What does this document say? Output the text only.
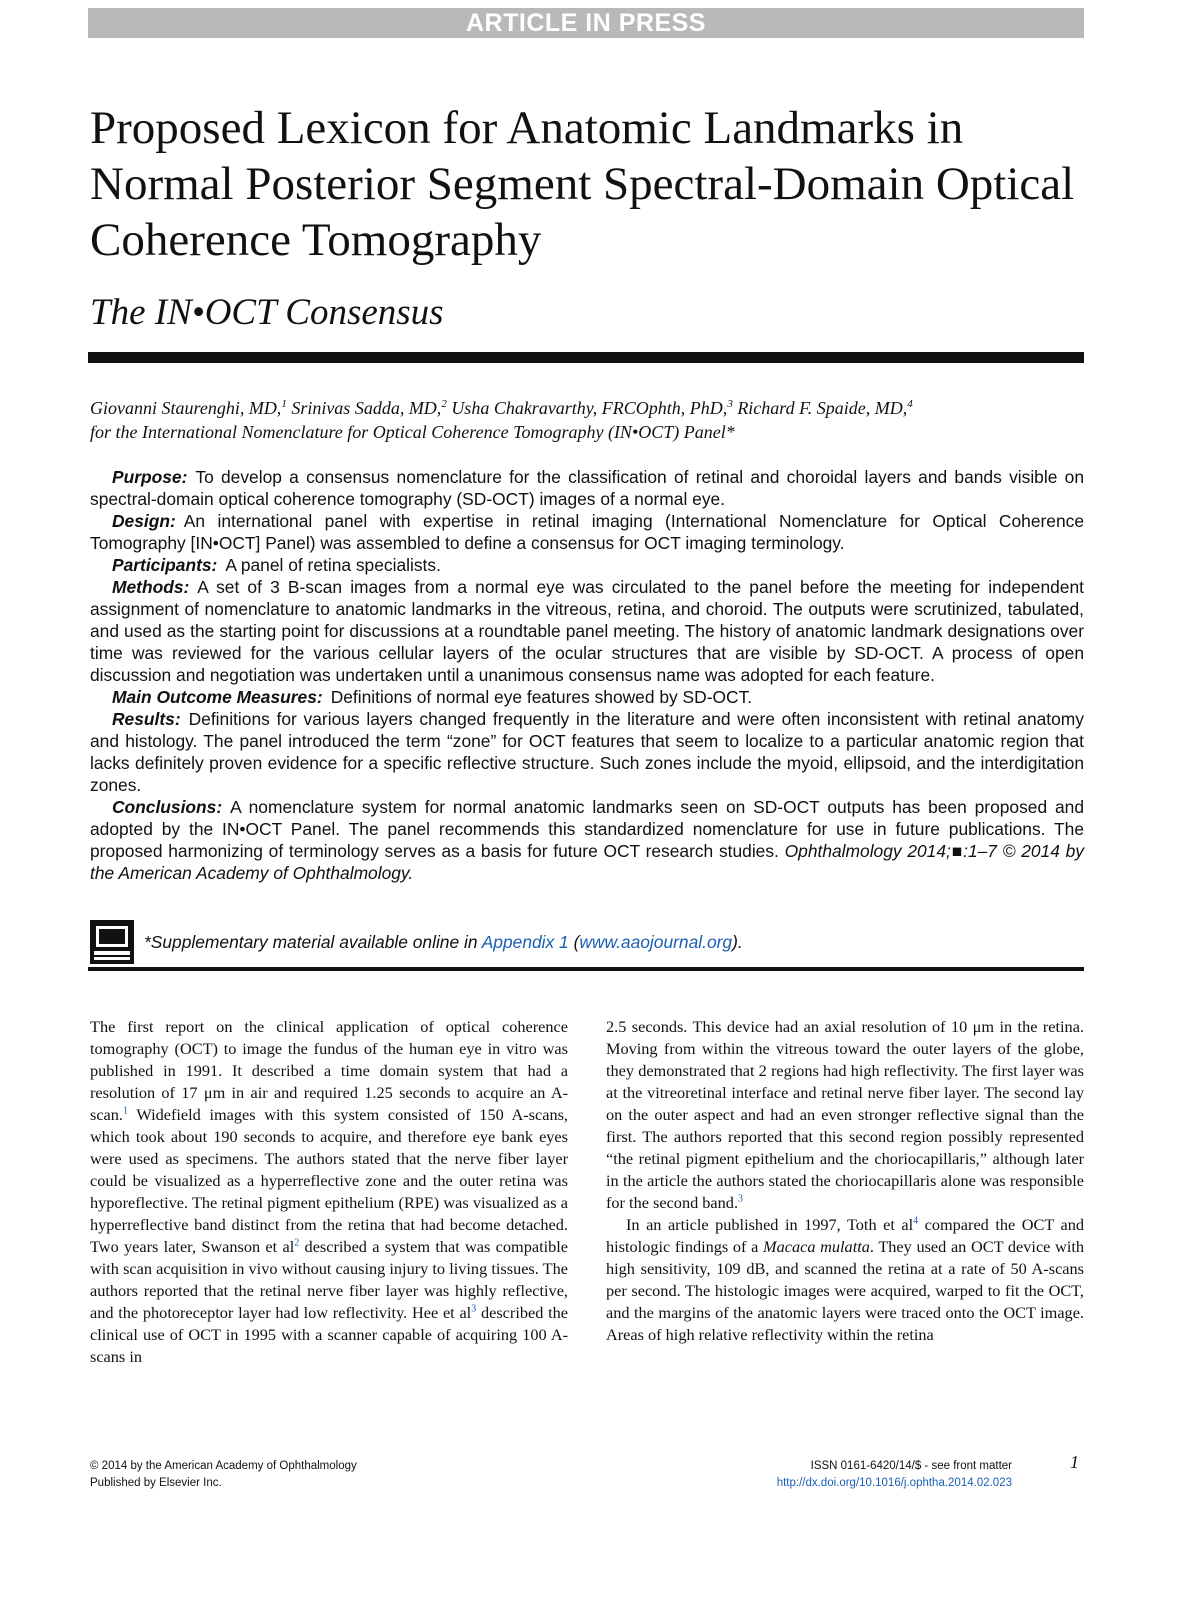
ARTICLE IN PRESS
Proposed Lexicon for Anatomic Landmarks in Normal Posterior Segment Spectral-Domain Optical Coherence Tomography
The IN•OCT Consensus
Giovanni Staurenghi, MD,$^1$ Srinivas Sadda, MD,$^2$ Usha Chakravarthy, FRCOphth, PhD,$^3$ Richard F. Spaide, MD,$^4$
for the International Nomenclature for Optical Coherence Tomography (IN•OCT) Panel*

Purpose: To develop a consensus nomenclature for the classification of retinal and choroidal layers and bands visible on spectral-domain optical coherence tomography (SD-OCT) images of a normal eye.

Design: An international panel with expertise in retinal imaging (International Nomenclature for Optical Coherence Tomography [IN•OCT] Panel) was assembled to define a consensus for OCT imaging terminology.

Participants: A panel of retina specialists.

Methods: A set of 3 B-scan images from a normal eye was circulated to the panel before the meeting for independent assignment of nomenclature to anatomic landmarks in the vitreous, retina, and choroid. The outputs were scrutinized, tabulated, and used as the starting point for discussions at a roundtable panel meeting. The history of anatomic landmark designations over time was reviewed for the various cellular layers of the ocular structures that are visible by SD-OCT. A process of open discussion and negotiation was undertaken until a unanimous consensus name was adopted for each feature.

Main Outcome Measures: Definitions of normal eye features showed by SD-OCT.

Results: Definitions for various layers changed frequently in the literature and were often inconsistent with retinal anatomy and histology. The panel introduced the term “zone” for OCT features that seem to localize to a particular anatomic region that lacks definitely proven evidence for a specific reflective structure. Such zones include the myoid, ellipsoid, and the interdigitation zones.

Conclusions: A nomenclature system for normal anatomic landmarks seen on SD-OCT outputs has been proposed and adopted by the IN•OCT Panel. The panel recommends this standardized nomenclature for use in future publications. The proposed harmonizing of terminology serves as a basis for future OCT research studies. Ophthalmology 2014;■:1–7 © 2014 by the American Academy of Ophthalmology.

*Supplementary material available online in Appendix 1 (www.aaojournal.org).

The first report on the clinical application of optical coherence tomography (OCT) to image the fundus of the human eye in vitro was published in 1991. It described a time domain system that had a resolution of 17 μm in air and required 1.25 seconds to acquire an A-scan.$^1$ Widefield images with this system consisted of 150 A-scans, which took about 190 seconds to acquire, and therefore eye bank eyes were used as specimens. The authors stated that the nerve fiber layer could be visualized as a hyperreflective zone and the outer retina was hyporeflective. The retinal pigment epithelium (RPE) was visualized as a hyperreflective band distinct from the retina that had become detached. Two years later, Swanson et $al^2$ described a system that was compatible with scan acquisition in vivo without causing injury to living tissues. The authors reported that the retinal nerve fiber layer was highly reflective, and the photoreceptor layer had low reflectivity. Hee et $al^3$ described the clinical use of OCT in 1995 with a scanner capable of acquiring 100 A-scans in

2.5 seconds. This device had an axial resolution of 10 μm in the retina. Moving from within the vitreous toward the outer layers of the globe, they demonstrated that 2 regions had high reflectivity. The first layer was at the vitreoretinal interface and retinal nerve fiber layer. The second lay on the outer aspect and had an even stronger reflective signal than the first. The authors reported that this second region possibly represented “the retinal pigment epithelium and the choriocapillaris,” although later in the article the authors stated the choriocapillaris alone was responsible for the second band.$^3$

In an article published in 1997, Toth et $al^4$ compared the OCT and histologic findings of a Macaca mulatta. They used an OCT device with high sensitivity, 109 dB, and scanned the retina at a rate of 50 A-scans per second. The histologic images were acquired, warped to fit the OCT, and the margins of the anatomic layers were traced onto the OCT image. Areas of high relative reflectivity within the retina

© 2014 by the American Academy of Ophthalmology
Published by Elsevier Inc.
ISSN 0161-6420/14/$ - see front matter
http://dx.doi.org/10.1016/j.ophtha.2014.02.023
1
